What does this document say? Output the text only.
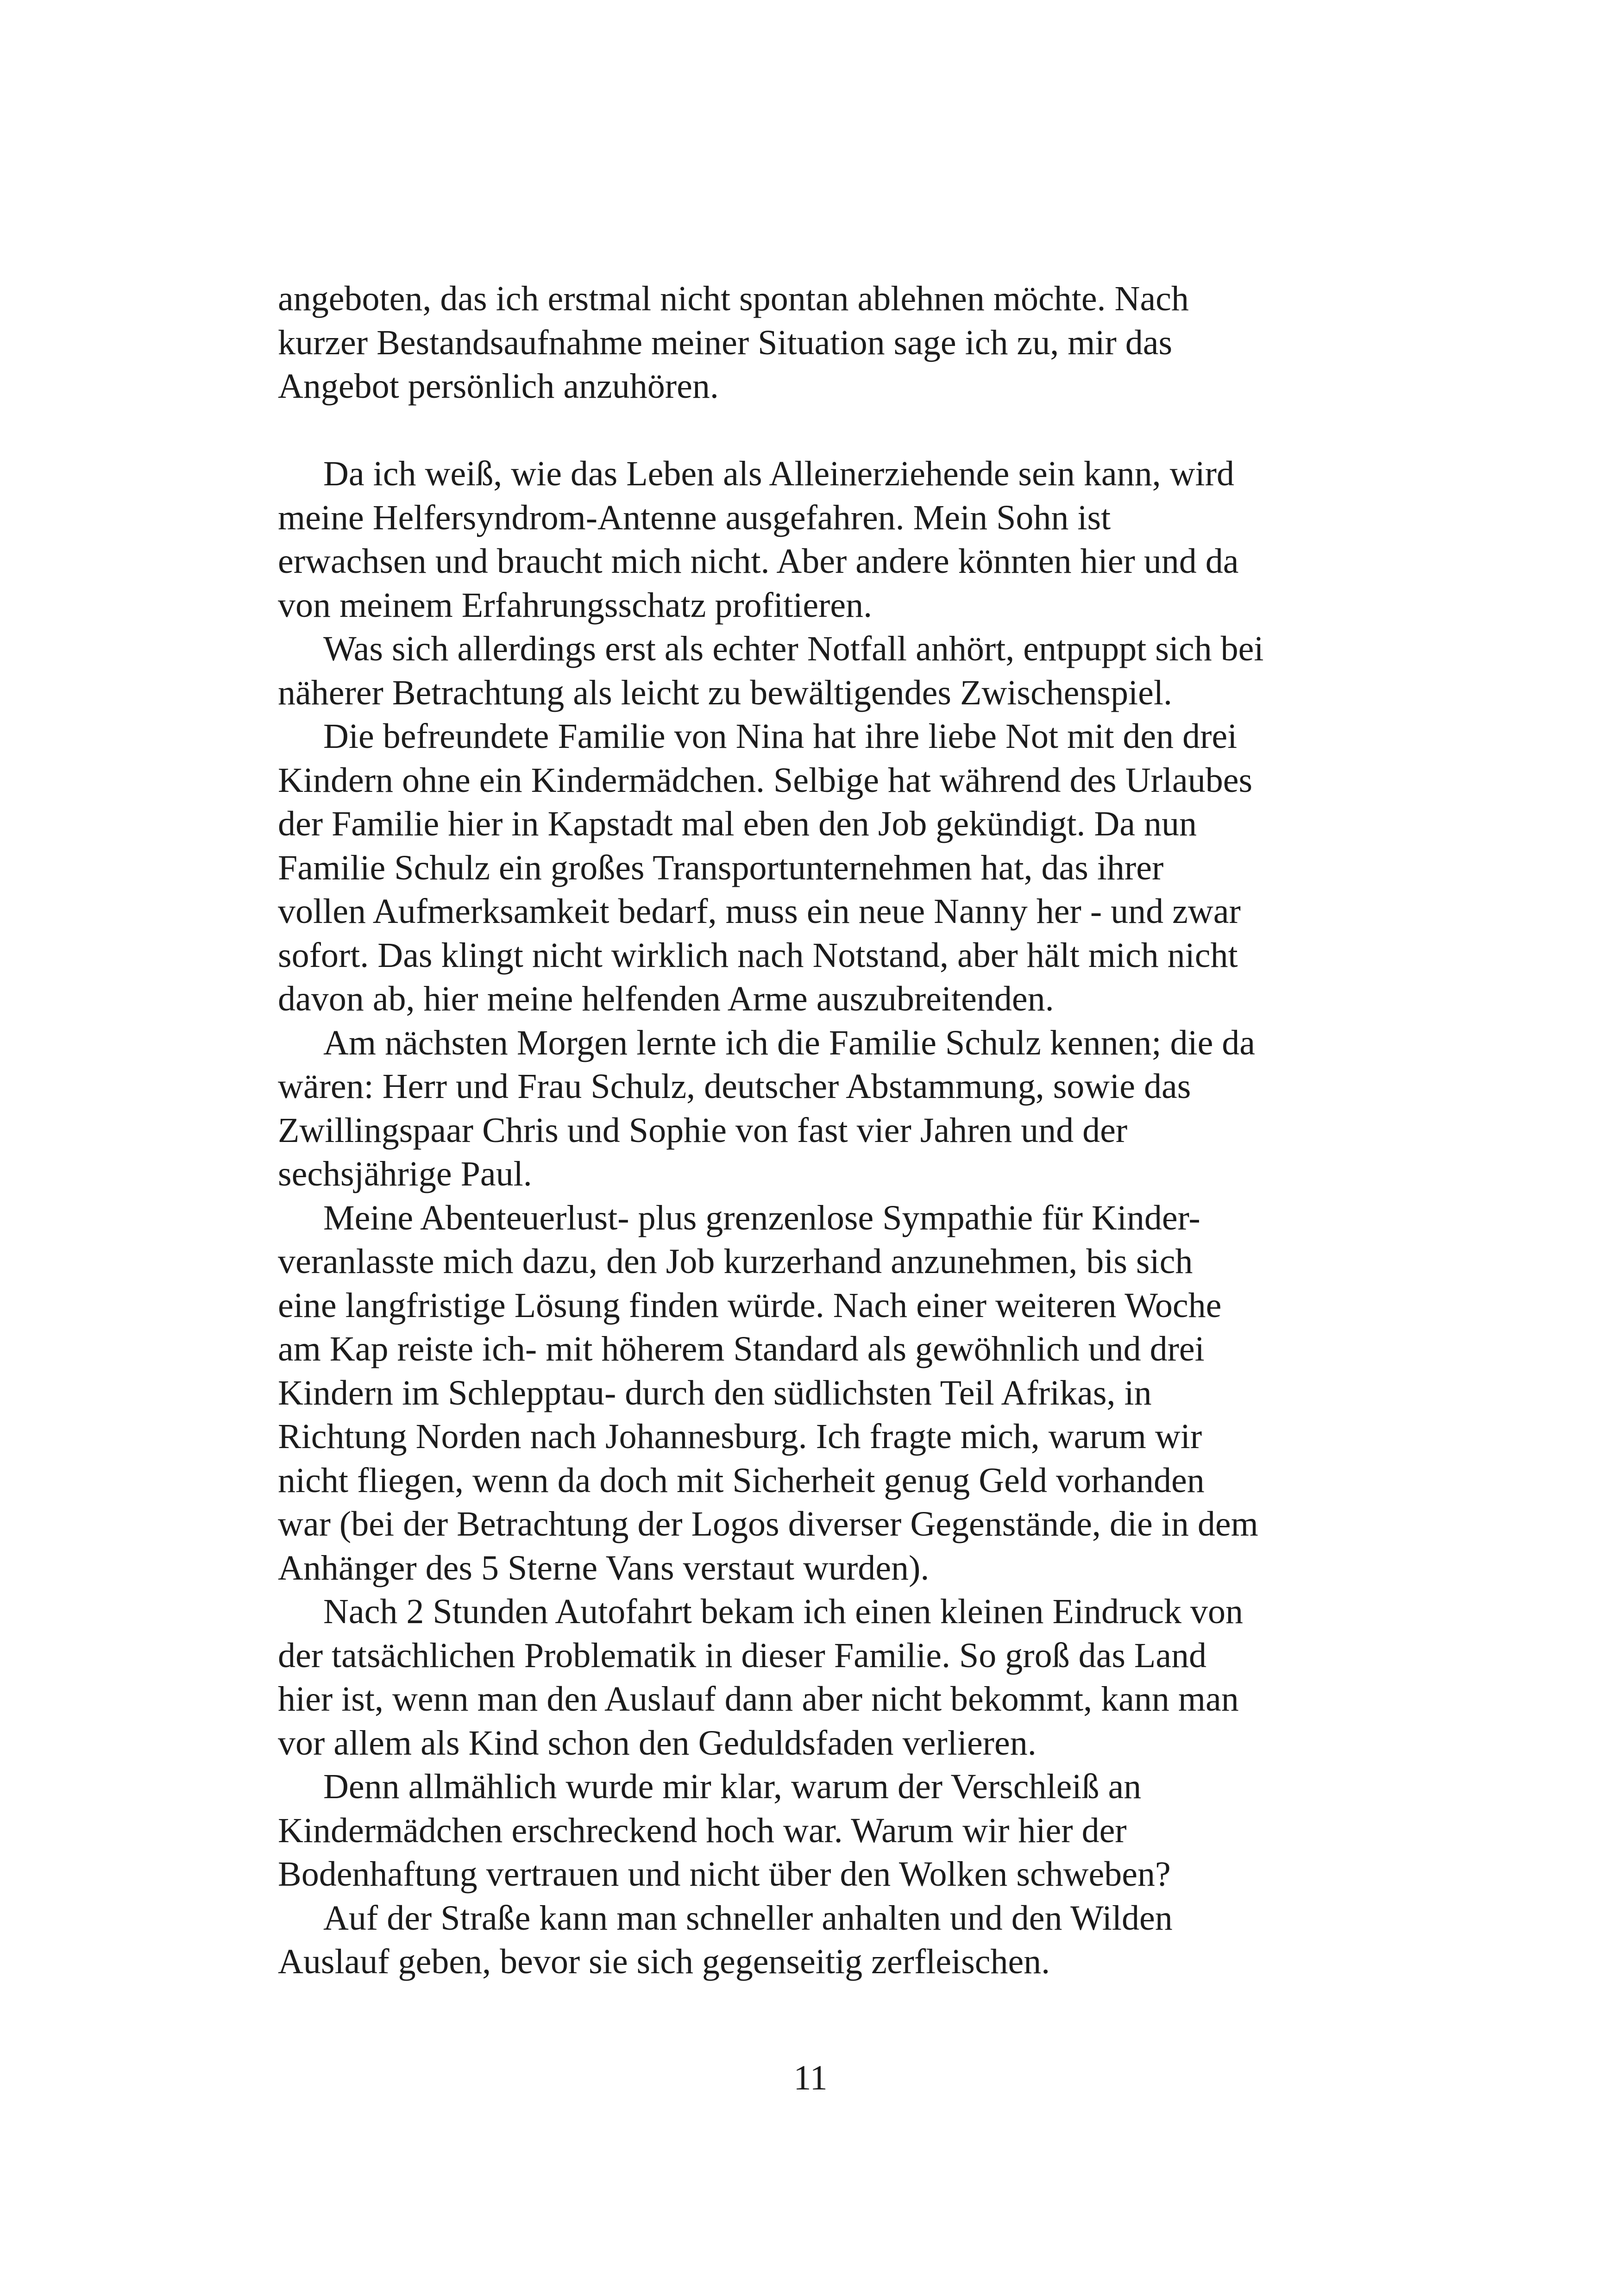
angeboten, das ich erstmal nicht spontan ablehnen möchte. Nach
kurzer Bestandsaufnahme meiner Situation sage ich zu, mir das
Angebot persönlich anzuhören.
Da ich weiß, wie das Leben als Alleinerziehende sein kann, wird
meine Helfersyndrom-Antenne ausgefahren. Mein Sohn ist
erwachsen und braucht mich nicht. Aber andere könnten hier und da
von meinem Erfahrungsschatz profitieren.
Was sich allerdings erst als echter Notfall anhört, entpuppt sich bei
näherer Betrachtung als leicht zu bewältigendes Zwischenspiel.
Die befreundete Familie von Nina hat ihre liebe Not mit den drei
Kindern ohne ein Kindermädchen. Selbige hat während des Urlaubes
der Familie hier in Kapstadt mal eben den Job gekündigt. Da nun
Familie Schulz ein großes Transportunternehmen hat, das ihrer
vollen Aufmerksamkeit bedarf, muss ein neue Nanny her - und zwar
sofort. Das klingt nicht wirklich nach Notstand, aber hält mich nicht
davon ab, hier meine helfenden Arme auszubreitenden.
Am nächsten Morgen lernte ich die Familie Schulz kennen; die da
wären: Herr und Frau Schulz, deutscher Abstammung, sowie das
Zwillingspaar Chris und Sophie von fast vier Jahren und der
sechsjährige Paul.
Meine Abenteuerlust- plus grenzenlose Sympathie für Kinder-
veranlasste mich dazu, den Job kurzerhand anzunehmen, bis sich
eine langfristige Lösung finden würde. Nach einer weiteren Woche
am Kap reiste ich- mit höherem Standard als gewöhnlich und drei
Kindern im Schlepptau- durch den südlichsten Teil Afrikas, in
Richtung Norden nach Johannesburg. Ich fragte mich, warum wir
nicht fliegen, wenn da doch mit Sicherheit genug Geld vorhanden
war (bei der Betrachtung der Logos diverser Gegenstände, die in dem
Anhänger des 5 Sterne Vans verstaut wurden).
Nach 2 Stunden Autofahrt bekam ich einen kleinen Eindruck von
der tatsächlichen Problematik in dieser Familie. So groß das Land
hier ist, wenn man den Auslauf dann aber nicht bekommt, kann man
vor allem als Kind schon den Geduldsfaden verlieren.
Denn allmählich wurde mir klar, warum der Verschleiß an
Kindermädchen erschreckend hoch war. Warum wir hier der
Bodenhaftung vertrauen und nicht über den Wolken schweben?
Auf der Straße kann man schneller anhalten und den Wilden
Auslauf geben, bevor sie sich gegenseitig zerfleischen.
11
